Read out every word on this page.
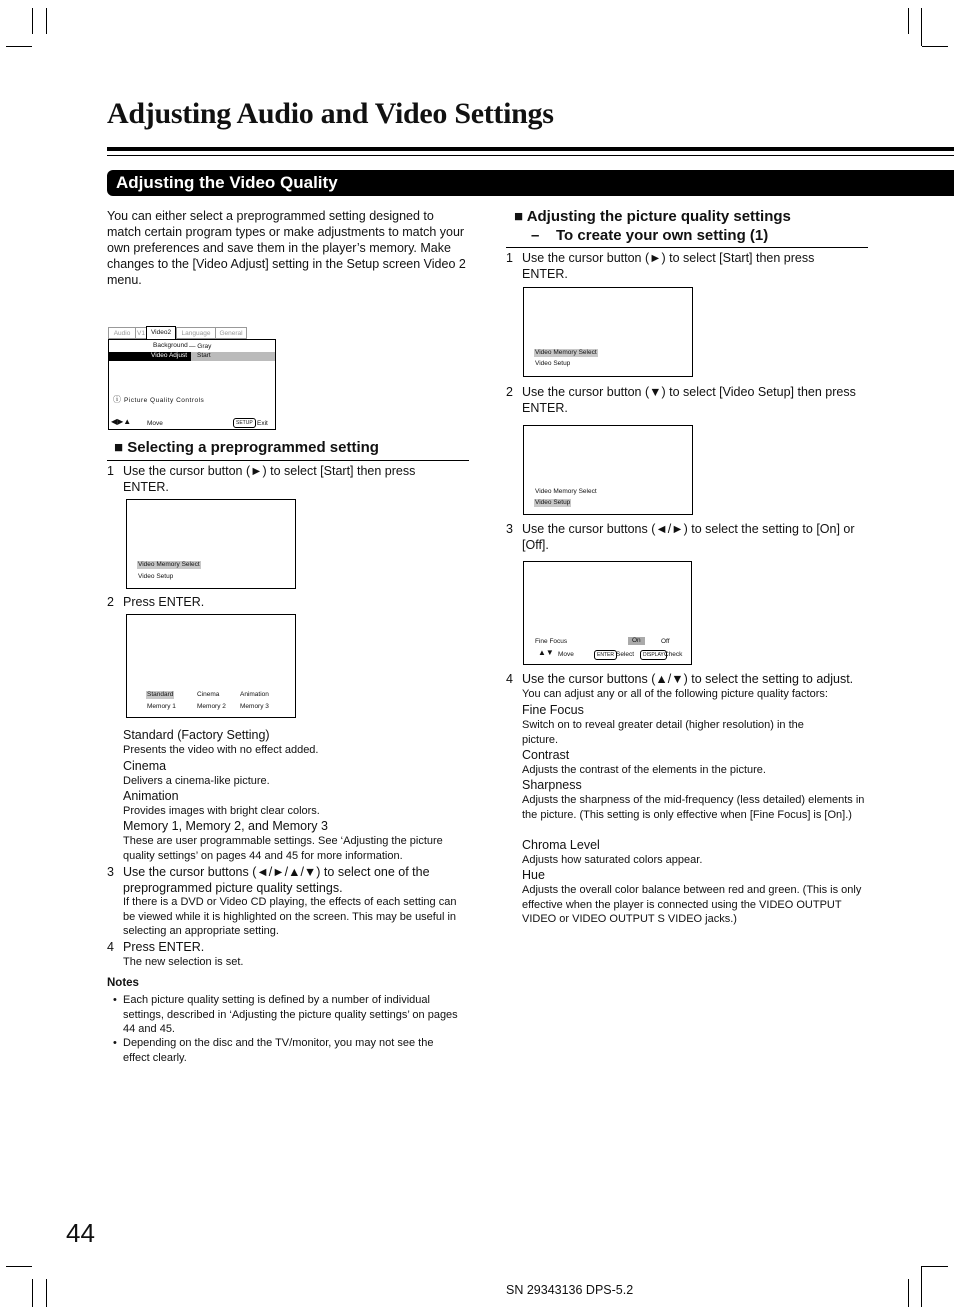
Adjusting Audio and Video Settings
Adjusting the Video Quality
You can either select a preprogrammed setting designed to match certain program types or make adjustments to match your own preferences and save them in the player’s memory. Make changes to the [Video Adjust] setting in the Setup screen Video 2 menu.
Audio	V1 Video2	Language	General
Background — Gray
Video Adjust Start
ⓘ Picture Quality Controls
◀▶▲ Move	SETUP Exit
■ Selecting a preprogrammed setting
1 Use the cursor button (►) to select [Start] then press ENTER.
Video Memory Select
Video Setup
2 Press ENTER.
Standard	Cinema	Animation
Memory 1	Memory 2 Memory 3
Standard (Factory Setting)
Presents the video with no effect added.
Cinema
Delivers a cinema-like picture.
Animation
Provides images with bright clear colors.
Memory 1, Memory 2, and Memory 3
These are user programmable settings. See ‘Adjusting the picture quality settings’ on pages 44 and 45 for more information.
3 Use the cursor buttons (◄/►/▲/▼) to select one of the preprogrammed picture quality settings.
If there is a DVD or Video CD playing, the effects of each setting can be viewed while it is highlighted on the screen. This may be useful in selecting an appropriate setting.
4 Press ENTER.
The new selection is set.
Notes
• Each picture quality setting is defined by a number of individual settings, described in ‘Adjusting the picture quality settings’ on pages 44 and 45.
• Depending on the disc and the TV/monitor, you may not see the effect clearly.
■ Adjusting the picture quality settings
–    To create your own setting (1)
1 Use the cursor button (►) to select [Start] then press ENTER.
Video Memory Select
Video Setup
2 Use the cursor button (▼) to select [Video Setup] then press ENTER.
Video Memory Select
Video Setup
3 Use the cursor buttons (◄/►) to select the setting to [On] or [Off].
Fine Focus	On	Off
▲▼ Move	ENTER Select	DISPLAY Check
4 Use the cursor buttons (▲/▼) to select the setting to adjust.
You can adjust any or all of the following picture quality factors:
Fine Focus
Switch on to reveal greater detail (higher resolution) in the picture.
Contrast
Adjusts the contrast of the elements in the picture.
Sharpness
Adjusts the sharpness of the mid-frequency (less detailed) elements in the picture. (This setting is only effective when [Fine Focus] is [On].)
Chroma Level
Adjusts how saturated colors appear.
Hue
Adjusts the overall color balance between red and green. (This is only effective when the player is connected using the VIDEO OUTPUT VIDEO or VIDEO OUTPUT S VIDEO jacks.)
44
SN 29343136 DPS-5.2
